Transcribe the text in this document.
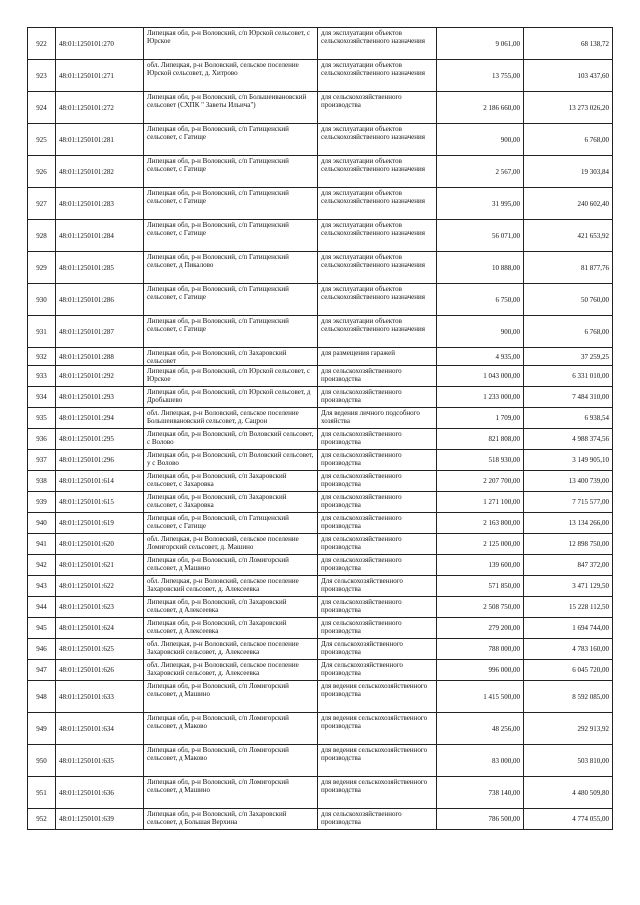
922	48:01:1250101:270	Липецкая обл, р-н Воловский, с/п Юрской сельсовет, с Юрское	для эксплуатации объектов сельскохозяйственного назначения	9 061,00	68 138,72
923	48:01:1250101:271	обл. Липецкая, р-н Воловский, сельское поселение Юрской сельсовет, д. Хитрово	для эксплуатации объектов сельскохозяйственного назначения	13 755,00	103 437,60
924	48:01:1250101:272	Липецкая обл, р-н Воловский, с/п Большеивановский сельсовет (СХПК " Заветы Ильича")	для сельскохозяйственного производства	2 186 660,00	13 273 026,20
925	48:01:1250101:281	Липецкая обл, р-н Воловский, с/п Гатищенский сельсовет, с Гатище	для эксплуатации объектов сельскохозяйственного назначения	900,00	6 768,00
926	48:01:1250101:282	Липецкая обл, р-н Воловский, с/п Гатищенский сельсовет, с Гатище	для эксплуатации объектов сельскохозяйственного назначения	2 567,00	19 303,84
927	48:01:1250101:283	Липецкая обл, р-н Воловский, с/п Гатищенский сельсовет, с Гатище	для эксплуатации объектов сельскохозяйственного назначения	31 995,00	240 602,40
928	48:01:1250101:284	Липецкая обл, р-н Воловский, с/п Гатищенский сельсовет, с Гатище	для эксплуатации объектов сельскохозяйственного назначения	56 071,00	421 653,92
929	48:01:1250101:285	Липецкая обл, р-н Воловский, с/п Гатищенский сельсовет, д Пикалово	для эксплуатации объектов сельскохозяйственного назначения	10 888,00	81 877,76
930	48:01:1250101:286	Липецкая обл, р-н Воловский, с/п Гатищенский сельсовет, с Гатище	для эксплуатации объектов сельскохозяйственного назначения	6 750,00	50 760,00
931	48:01:1250101:287	Липецкая обл, р-н Воловский, с/п Гатищенский сельсовет, с Гатище	для эксплуатации объектов сельскохозяйственного назначения	900,00	6 768,00
932	48:01:1250101:288	Липецкая обл, р-н Воловский, с/п Захаровский сельсовет	для размещения гаражей	4 935,00	37 259,25
933	48:01:1250101:292	Липецкая обл, р-н Воловский, с/п Юрской сельсовет, с Юрское	для сельскохозяйственного производства	1 043 000,00	6 331 010,00
934	48:01:1250101:293	Липецкая обл, р-н Воловский, с/п Юрской сельсовет, д Дробышево	для сельскохозяйственного производства	1 233 000,00	7 484 310,00
935	48:01:1250101:294	обл. Липецкая, р-н Воловский, сельское поселение Большеивановский сельсовет, д. Сацрон	Для ведения личного подсобного хозяйства	1 709,00	6 938,54
936	48:01:1250101:295	Липецкая обл, р-н Воловский, с/п Воловский сельсовет, с Волово	для сельскохозяйственного производства	821 808,00	4 988 374,56
937	48:01:1250101:296	Липецкая обл, р-н Воловский, с/п Воловский сельсовет, у с Волово	для сельскохозяйственного производства	518 930,00	3 149 905,10
938	48:01:1250101:614	Липецкая обл, р-н Воловский, с/п Захаровский сельсовет, с Захаровка	для сельскохозяйственного производства	2 207 700,00	13 400 739,00
939	48:01:1250101:615	Липецкая обл, р-н Воловский, с/п Захаровский сельсовет, с Захаровка	для сельскохозяйственного производства	1 271 100,00	7 715 577,00
940	48:01:1250101:619	Липецкая обл, р-н Воловский, с/п Гатищенский сельсовет, с Гатище	для сельскохозяйственного производства	2 163 800,00	13 134 266,00
941	48:01:1250101:620	обл. Липецкая, р-н Воловский, сельское поселение Ломигорский сельсовет, д. Машино	для сельскохозяйственного производства	2 125 000,00	12 898 750,00
942	48:01:1250101:621	Липецкая обл, р-н Воловский, с/п Ломигорский сельсовет, д Машино	для сельскохозяйственного производства	139 600,00	847 372,00
943	48:01:1250101:622	обл. Липецкая, р-н Воловский, сельское поселение Захаровский сельсовет, д. Алексеевка	Для сельскохозяйственного производства	571 850,00	3 471 129,50
944	48:01:1250101:623	Липецкая обл, р-н Воловский, с/п Захаровский сельсовет, д Алексеевка	для сельскохозяйственного производства	2 508 750,00	15 228 112,50
945	48:01:1250101:624	Липецкая обл, р-н Воловский, с/п Захаровский сельсовет, д Алексеевка	для сельскохозяйственного производства	279 200,00	1 694 744,00
946	48:01:1250101:625	обл. Липецкая, р-н Воловский, сельское поселение Захаровский сельсовет, д. Алексеевка	Для сельскохозяйственного производства	788 000,00	4 783 160,00
947	48:01:1250101:626	обл. Липецкая, р-н Воловский, сельское поселение Захаровский сельсовет, д. Алексеевка	Для сельскохозяйственного производства	996 000,00	6 045 720,00
948	48:01:1250101:633	Липецкая обл, р-н Воловский, с/п Ломигорский сельсовет, д Машино	для ведения сельскохозяйственного производства	1 415 500,00	8 592 085,00
949	48:01:1250101:634	Липецкая обл, р-н Воловский, с/п Ломигорский сельсовет, д Маково	для ведения сельскохозяйственного производства	48 256,00	292 913,92
950	48:01:1250101:635	Липецкая обл, р-н Воловский, с/п Ломигорский сельсовет, д Маково	для ведения сельскохозяйственного производства	83 000,00	503 810,00
951	48:01:1250101:636	Липецкая обл, р-н Воловский, с/п Ломигорский сельсовет, д Машино	для ведения сельскохозяйственного производства	738 140,00	4 480 509,80
952	48:01:1250101:639	Липецкая обл, р-н Воловский, с/п Захаровский сельсовет, д Большая Верхина	для сельскохозяйственного производства	786 500,00	4 774 055,00
